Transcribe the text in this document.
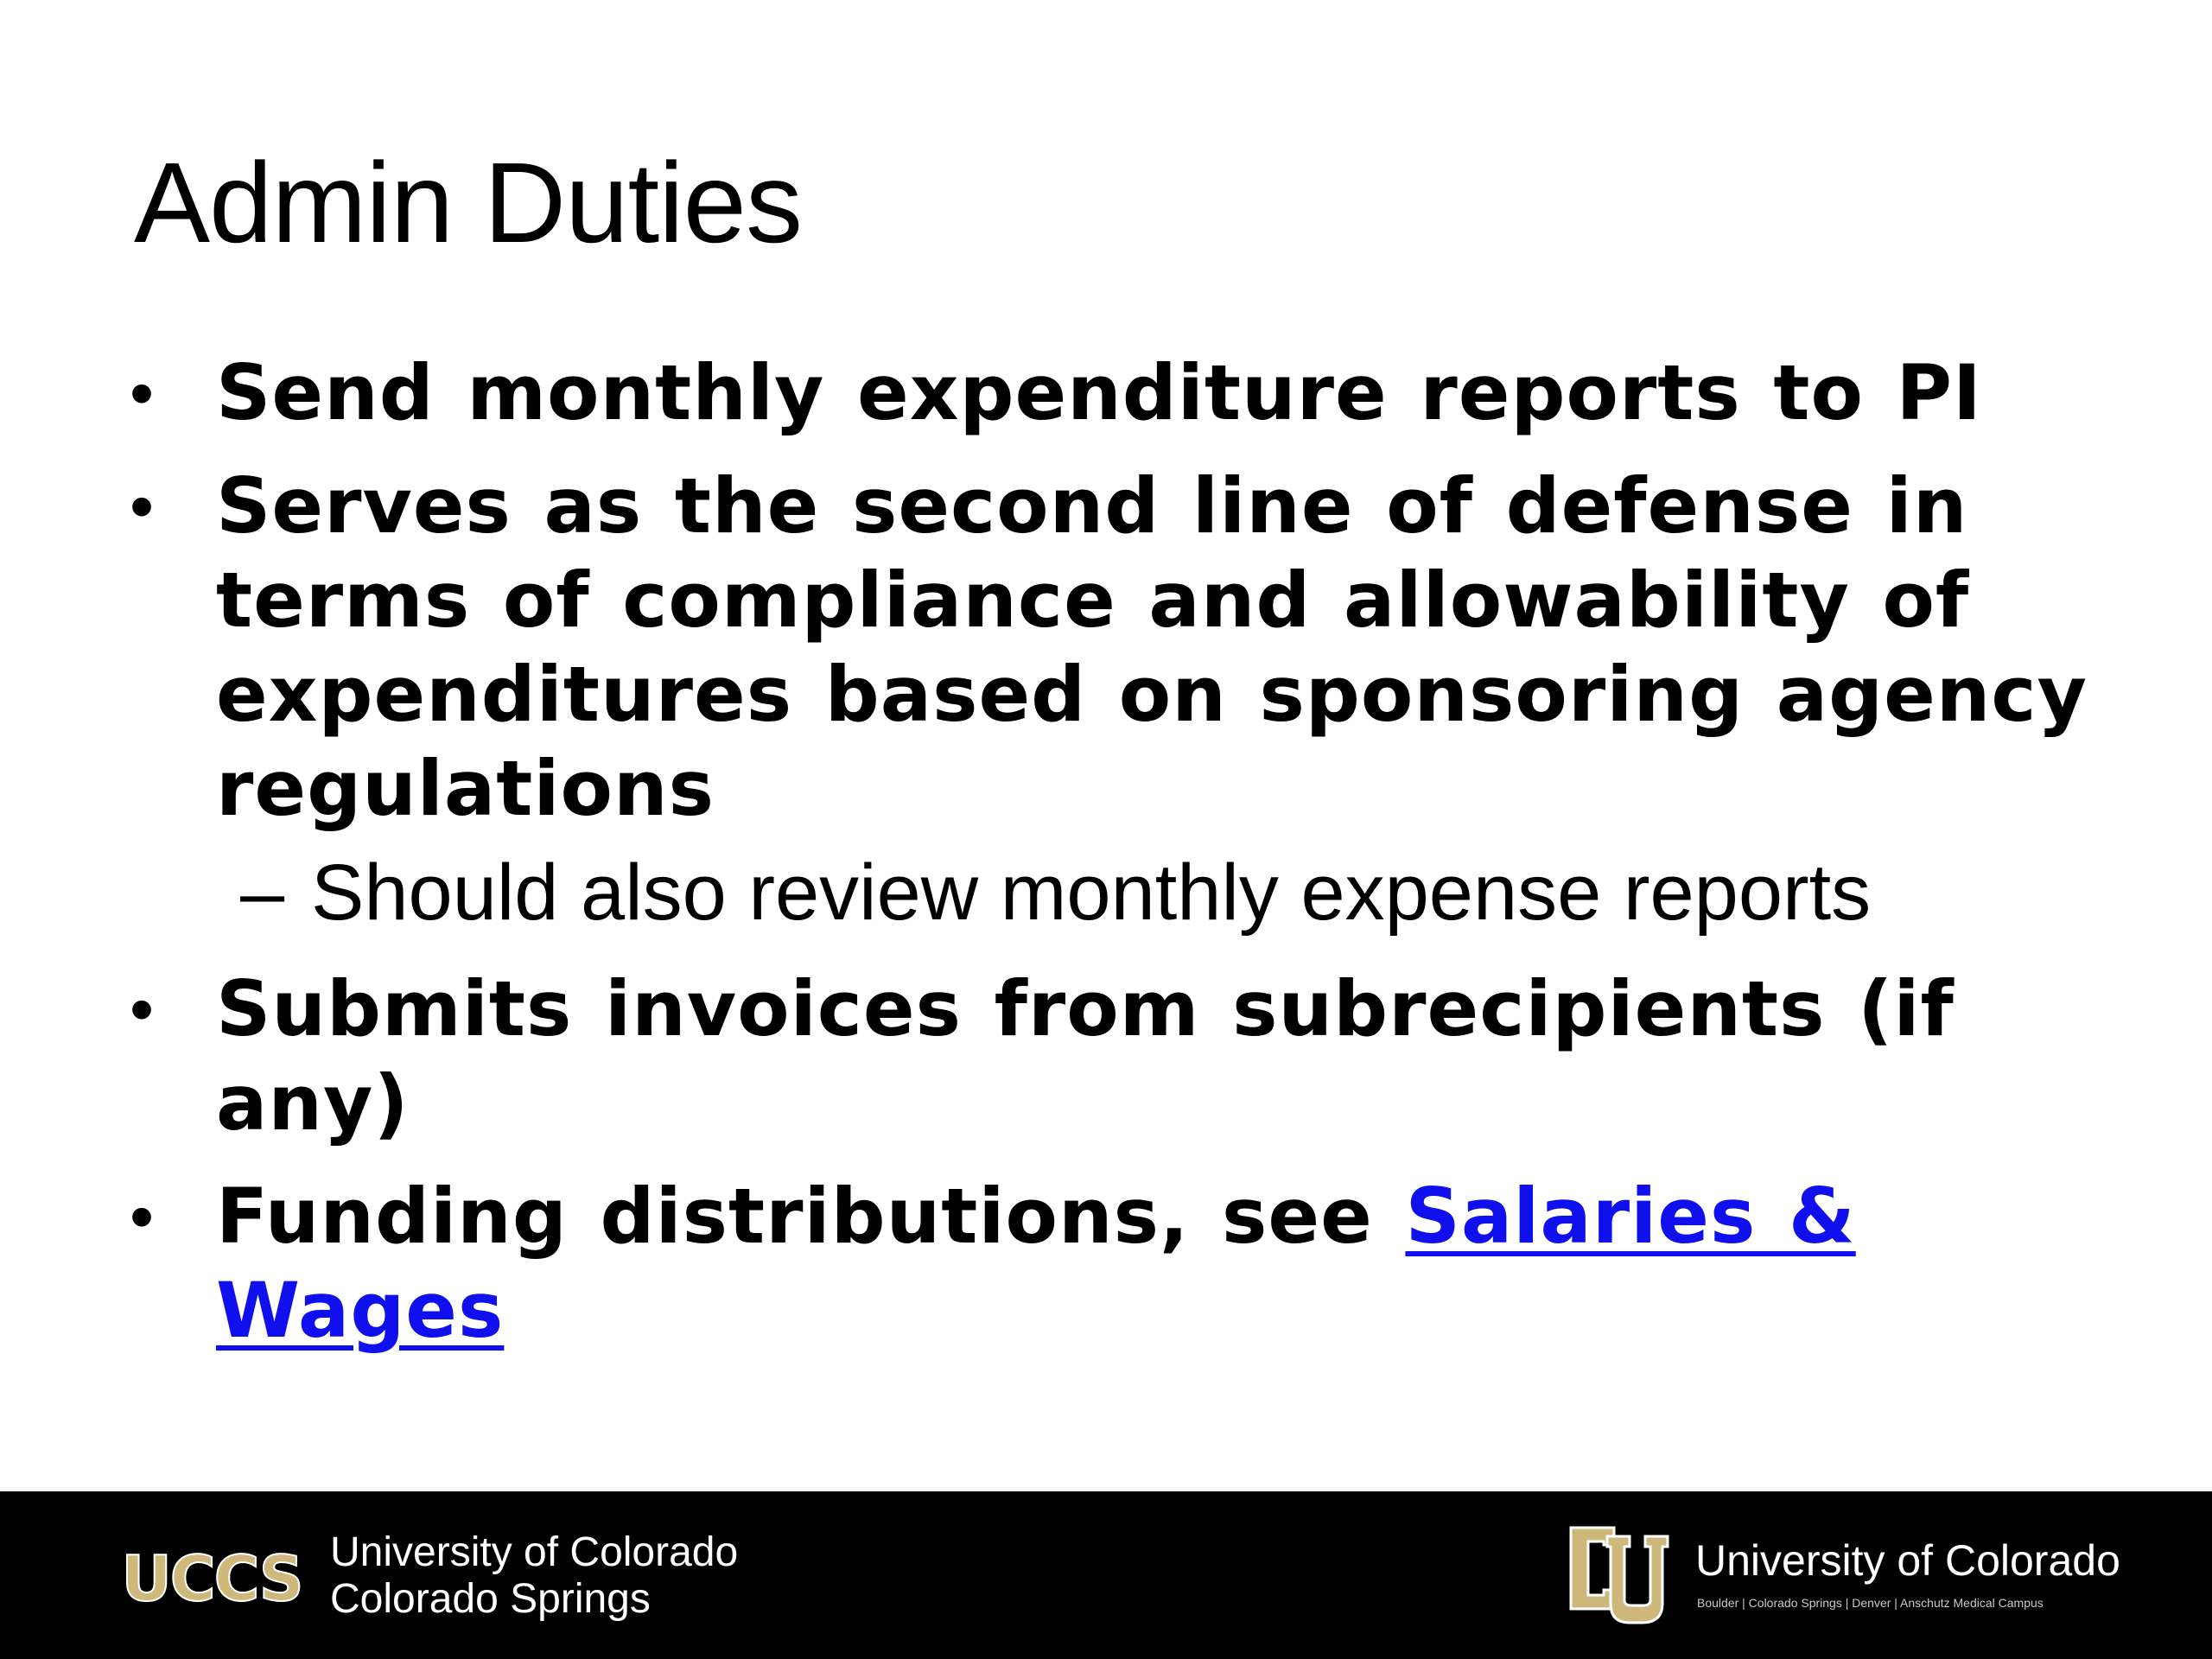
Admin Duties
• Send monthly expenditure reports to PI
• Serves as the second line of defense in terms of compliance and allowability of expenditures based on sponsoring agency regulations
– Should also review monthly expense reports
• Submits invoices from subrecipients (if any)
• Funding distributions, see Salaries & Wages
UCCS University of Colorado
Colorado Springs
University of Colorado
Boulder | Colorado Springs | Denver | Anschutz Medical Campus
